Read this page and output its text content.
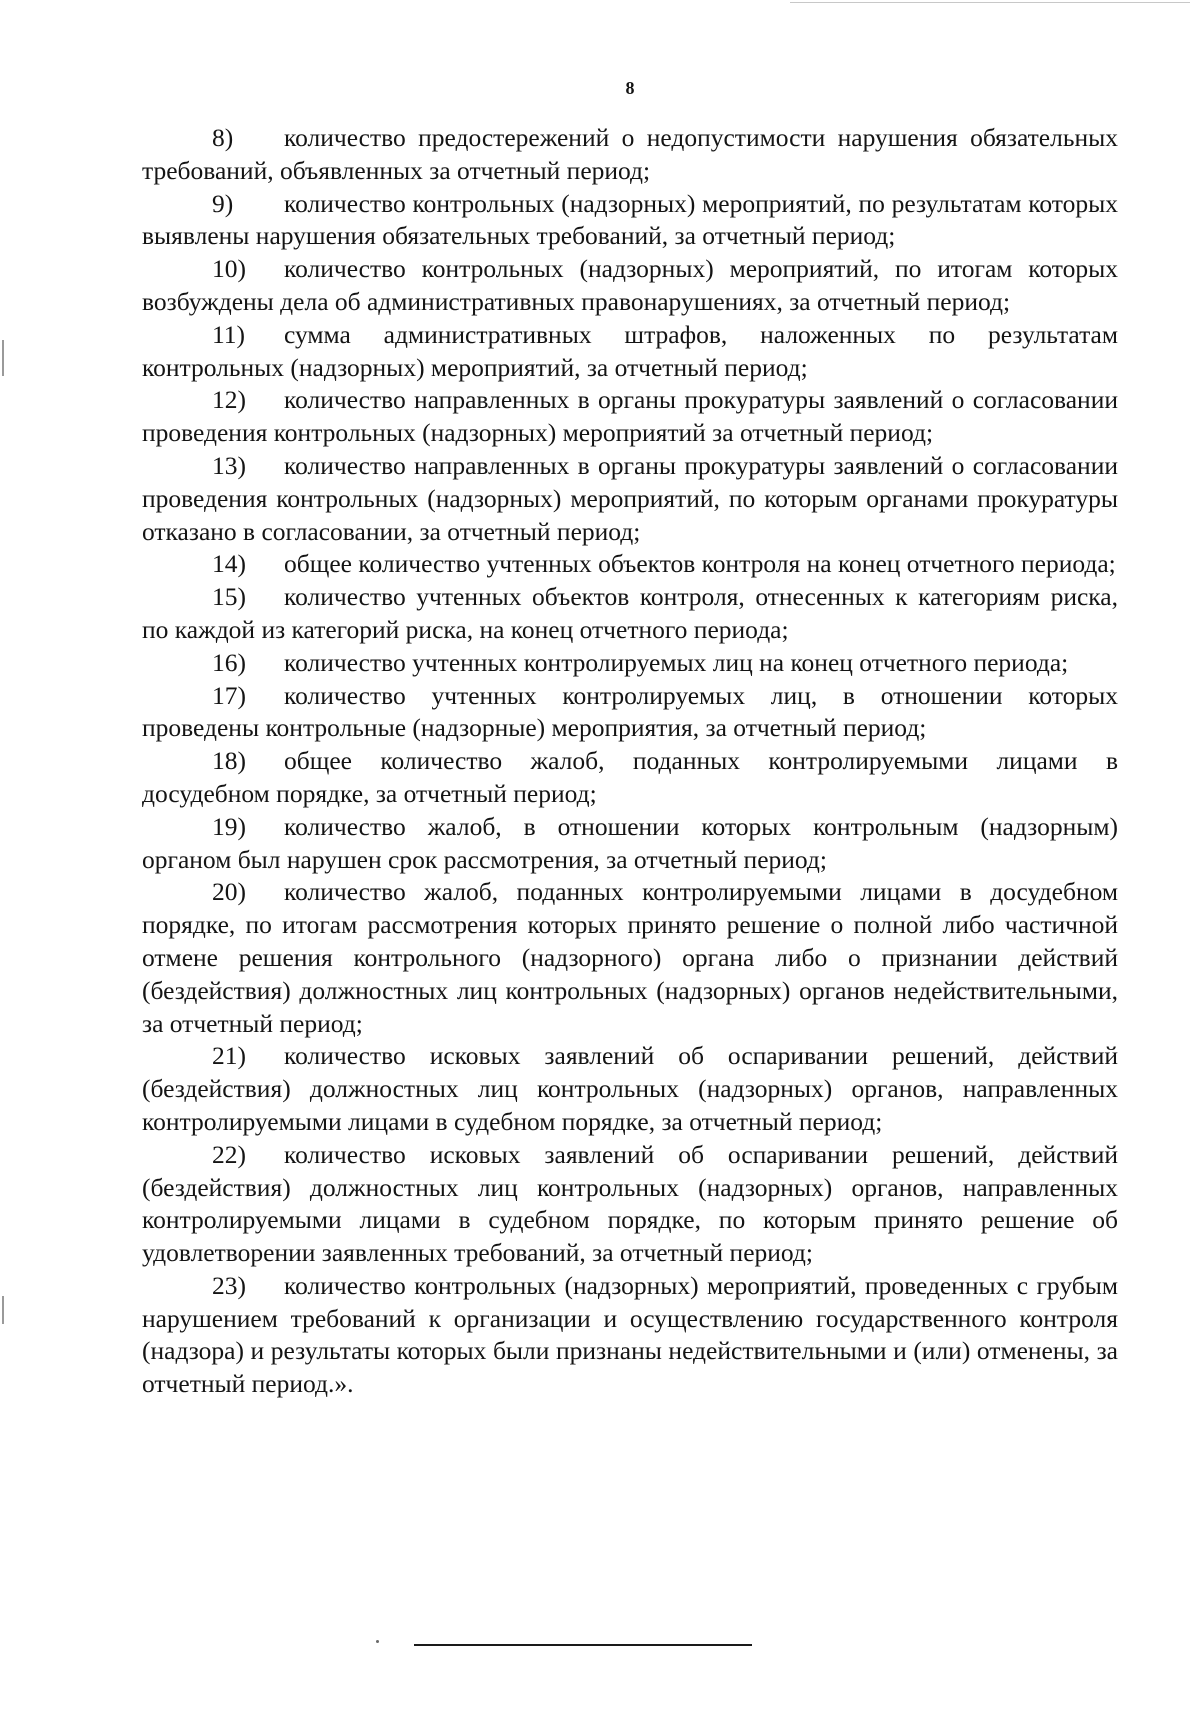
8

8) количество предостережений о недопустимости нарушения обязательных требований, объявленных за отчетный период;

9) количество контрольных (надзорных) мероприятий, по результатам которых выявлены нарушения обязательных требований, за отчетный период;

10) количество контрольных (надзорных) мероприятий, по итогам которых возбуждены дела об административных правонарушениях, за отчетный период;

11) сумма административных штрафов, наложенных по результатам контрольных (надзорных) мероприятий, за отчетный период;

12) количество направленных в органы прокуратуры заявлений о согласовании проведения контрольных (надзорных) мероприятий за отчетный период;

13) количество направленных в органы прокуратуры заявлений о согласовании проведения контрольных (надзорных) мероприятий, по которым органами прокуратуры отказано в согласовании, за отчетный период;

14) общее количество учтенных объектов контроля на конец отчетного периода;

15) количество учтенных объектов контроля, отнесенных к категориям риска, по каждой из категорий риска, на конец отчетного периода;

16) количество учтенных контролируемых лиц на конец отчетного периода;

17) количество учтенных контролируемых лиц, в отношении которых проведены контрольные (надзорные) мероприятия, за отчетный период;

18) общее количество жалоб, поданных контролируемыми лицами в досудебном порядке, за отчетный период;

19) количество жалоб, в отношении которых контрольным (надзорным) органом был нарушен срок рассмотрения, за отчетный период;

20) количество жалоб, поданных контролируемыми лицами в досудебном порядке, по итогам рассмотрения которых принято решение о полной либо частичной отмене решения контрольного (надзорного) органа либо о признании действий (бездействия) должностных лиц контрольных (надзорных) органов недействительными, за отчетный период;

21) количество исковых заявлений об оспаривании решений, действий (бездействия) должностных лиц контрольных (надзорных) органов, направленных контролируемыми лицами в судебном порядке, за отчетный период;

22) количество исковых заявлений об оспаривании решений, действий (бездействия) должностных лиц контрольных (надзорных) органов, направленных контролируемыми лицами в судебном порядке, по которым принято решение об удовлетворении заявленных требований, за отчетный период;

23) количество контрольных (надзорных) мероприятий, проведенных с грубым нарушением требований к организации и осуществлению государственного контроля (надзора) и результаты которых были признаны недействительными и (или) отменены, за отчетный период.».
